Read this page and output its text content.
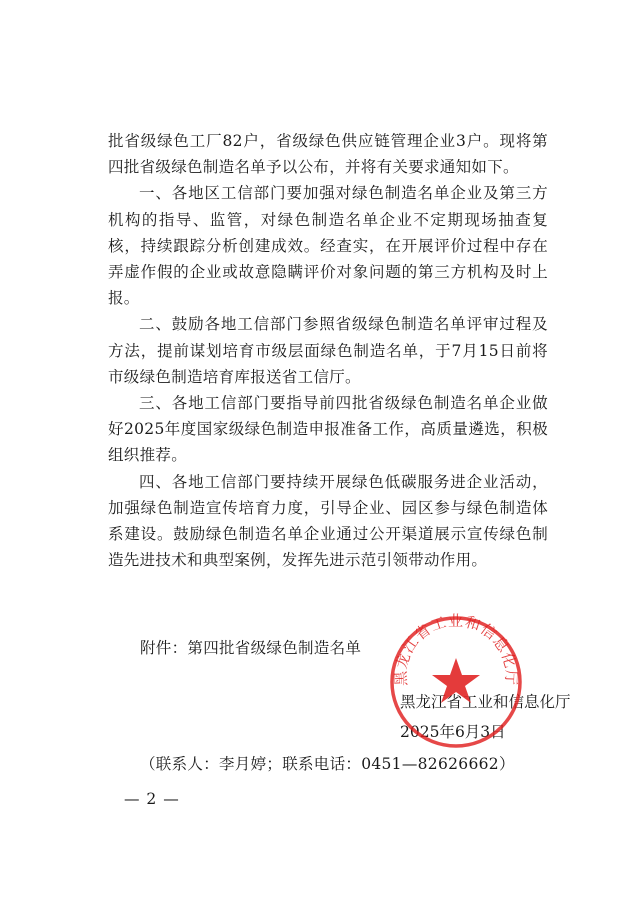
批省级绿色工厂82户，省级绿色供应链管理企业3户。现将第四批省级绿色制造名单予以公布，并将有关要求通知如下。

一、各地区工信部门要加强对绿色制造名单企业及第三方机构的指导、监管，对绿色制造名单企业不定期现场抽查复核，持续跟踪分析创建成效。经查实，在开展评价过程中存在弄虚作假的企业或故意隐瞒评价对象问题的第三方机构及时上报。

二、鼓励各地工信部门参照省级绿色制造名单评审过程及方法，提前谋划培育市级层面绿色制造名单，于7月15日前将市级绿色制造培育库报送省工信厅。

三、各地工信部门要指导前四批省级绿色制造名单企业做好2025年度国家级绿色制造申报准备工作，高质量遴选，积极组织推荐。

四、各地工信部门要持续开展绿色低碳服务进企业活动，加强绿色制造宣传培育力度，引导企业、园区参与绿色制造体系建设。鼓励绿色制造名单企业通过公开渠道展示宣传绿色制造先进技术和典型案例，发挥先进示范引领带动作用。

附件：第四批省级绿色制造名单
黑龙江省工业和信息化厅
2025年6月3日
黑龙江省工业和信息化厅
（联系人：李月婷；联系电话：0451—82626662）
— 2 —
